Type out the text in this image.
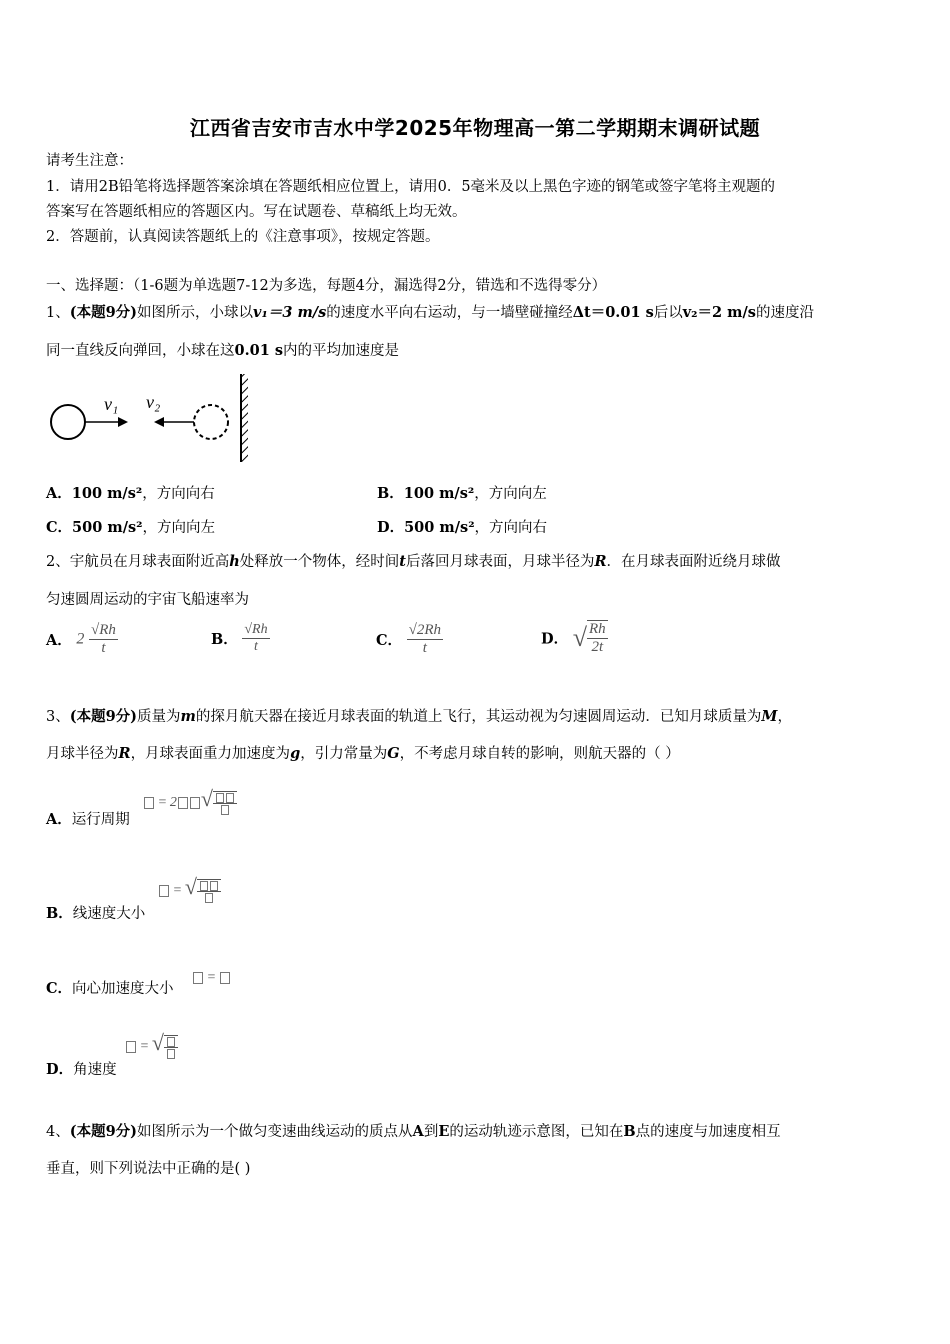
江西省吉安市吉水中学2025年物理高一第二学期期末调研试题
请考生注意：
1．请用2B铅笔将选择题答案涂填在答题纸相应位置上，请用0．5毫米及以上黑色字迹的钢笔或签字笔将主观题的
答案写在答题纸相应的答题区内。写在试题卷、草稿纸上均无效。
2．答题前，认真阅读答题纸上的《注意事项》，按规定答题。
一、选择题：（1-6题为单选题7-12为多选，每题4分，漏选得2分，错选和不选得零分）
1、(本题9分)如图所示，小球以v₁＝3 m/s的速度水平向右运动，与一墙壁碰撞经Δt＝0.01 s后以v₂＝2 m/s的速度沿
同一直线反向弹回，小球在这0.01 s内的平均加速度是
v₁ v₂
A．100 m/s²，方向向右	B．100 m/s²，方向向左
C．500 m/s²，方向向左	D．500 m/s²，方向向右
2、宇航员在月球表面附近高h处释放一个物体，经时间t后落回月球表面，月球半径为R．在月球表面附近绕月球做
匀速圆周运动的宇宙飞船速率为
A． $2 \frac{√Rh}{t}$	B． $\frac{√Rh}{t}$	C． $\frac{√2Rh}{t}$	D． √ $\frac{Rh}{2t}$
3、(本题9分)质量为m的探月航天器在接近月球表面的轨道上飞行，其运动视为匀速圆周运动．已知月球质量为M，
月球半径为R，月球表面重力加速度为g，引力常量为G，不考虑月球自转的影响，则航天器的（ ）
A．运行周期
= 2 √
B．线速度大小
= √
C．向心加速度大小
=
D．角速度
= √
4、(本题9分)如图所示为一个做匀变速曲线运动的质点从A到E的运动轨迹示意图，已知在B点的速度与加速度相互
垂直，则下列说法中正确的是( )
